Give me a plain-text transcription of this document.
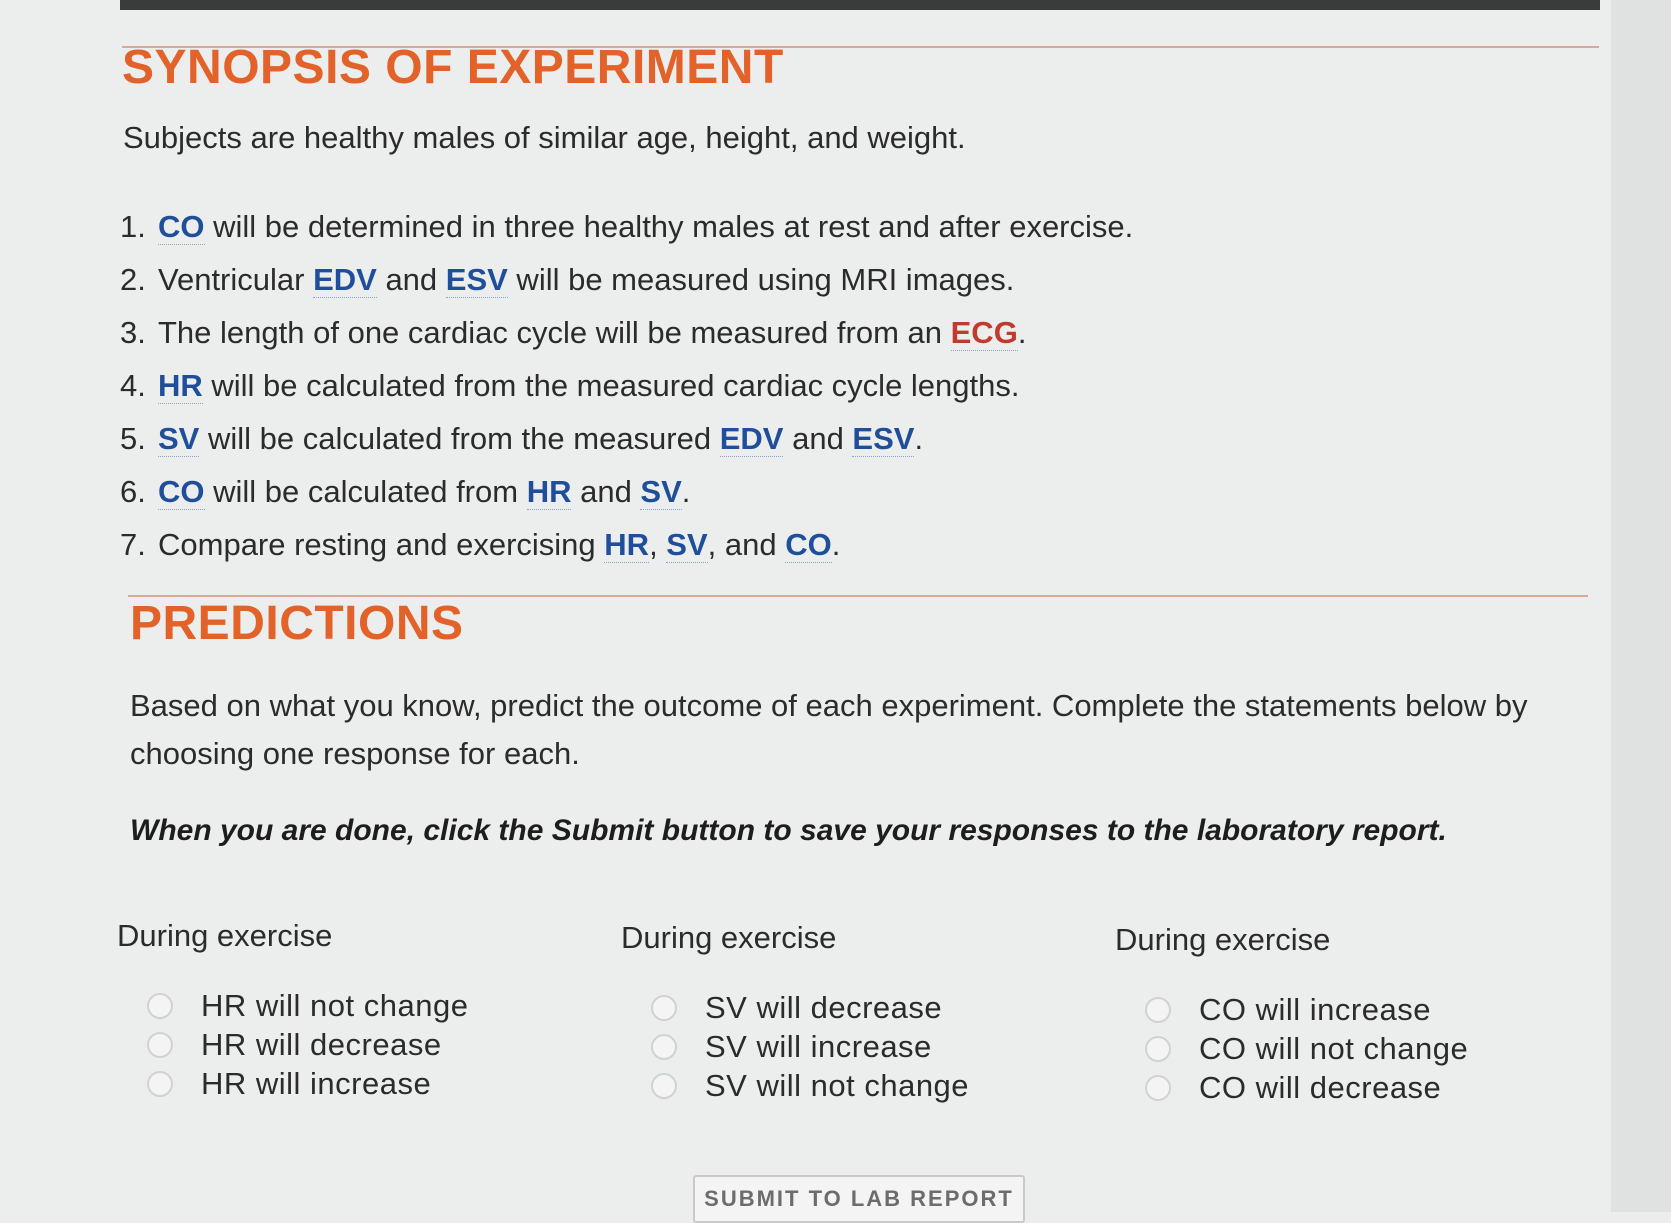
SYNOPSIS OF EXPERIMENT

Subjects are healthy males of similar age, height, and weight.

1. CO will be determined in three healthy males at rest and after exercise.
2. Ventricular EDV and ESV will be measured using MRI images.
3. The length of one cardiac cycle will be measured from an ECG.
4. HR will be calculated from the measured cardiac cycle lengths.
5. SV will be calculated from the measured EDV and ESV.
6. CO will be calculated from HR and SV.
7. Compare resting and exercising HR, SV, and CO.
PREDICTIONS

Based on what you know, predict the outcome of each experiment. Complete the statements below by choosing one response for each.

When you are done, click the Submit button to save your responses to the laboratory report.

During exercise

HR will not change
HR will decrease
HR will increase

During exercise

SV will decrease
SV will increase
SV will not change

During exercise

CO will increase
CO will not change
CO will decrease
SUBMIT TO LAB REPORT
